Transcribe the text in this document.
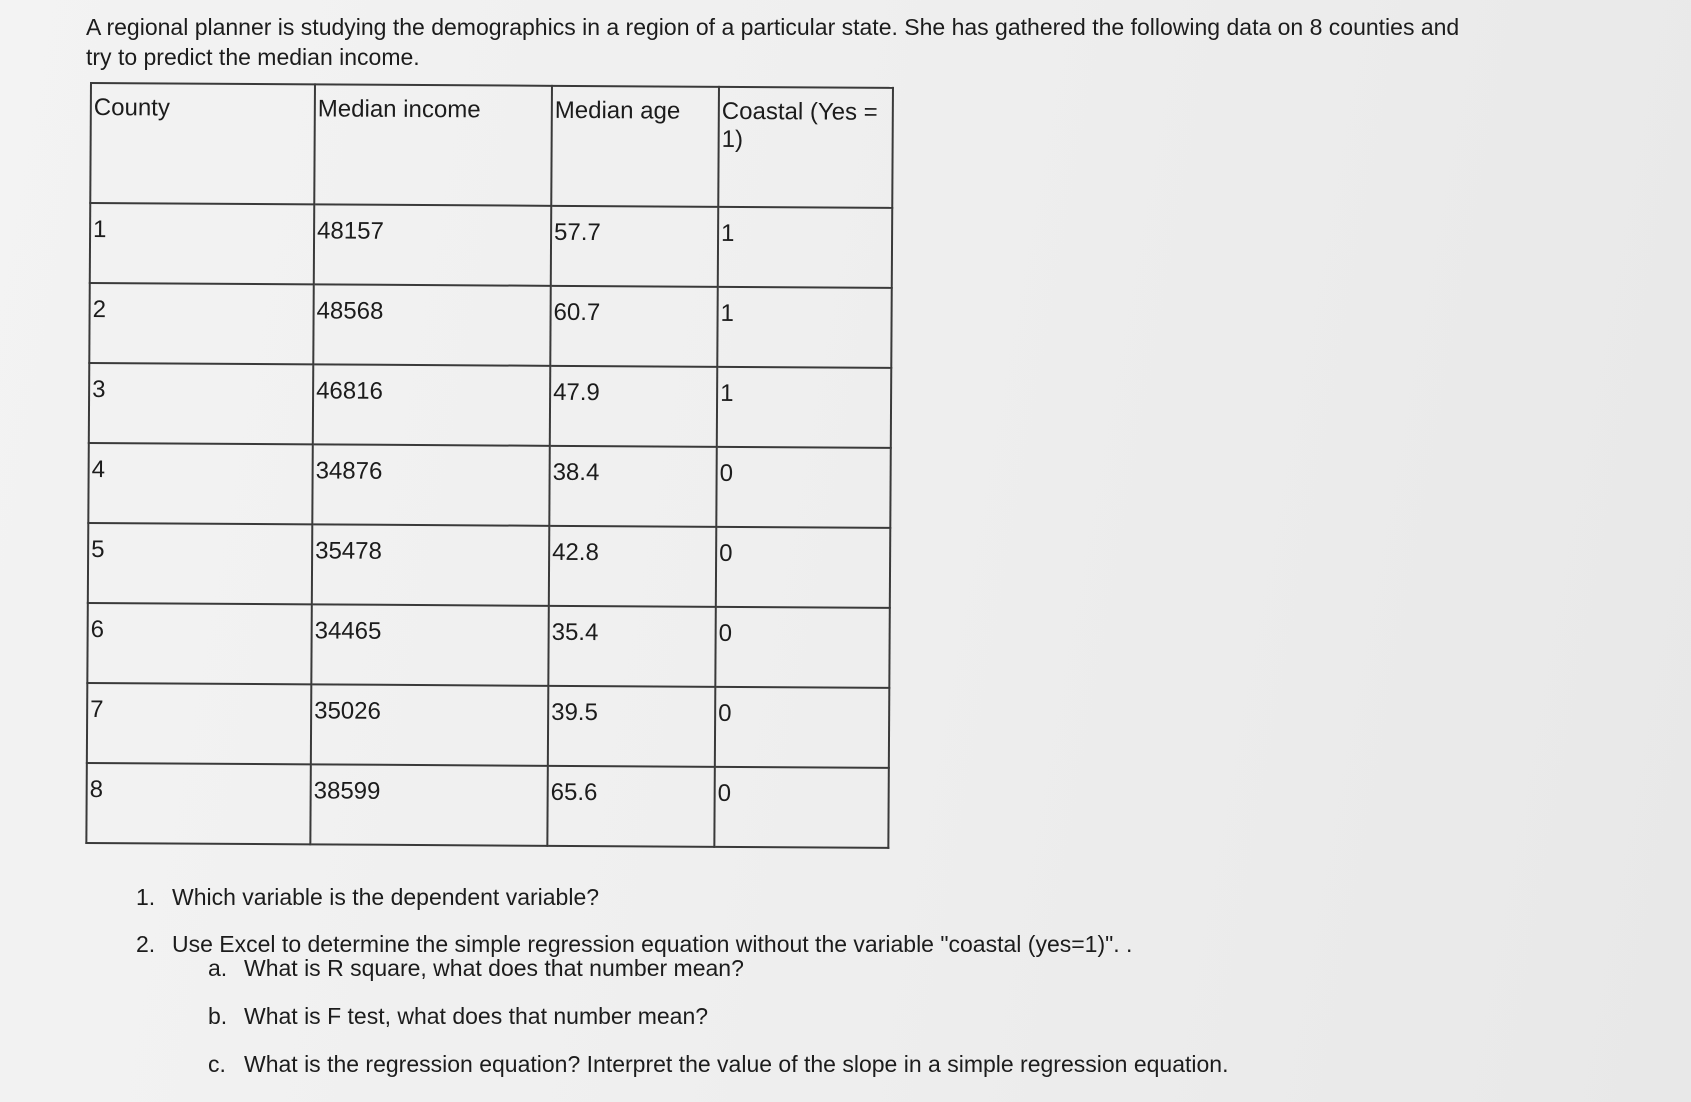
A regional planner is studying the demographics in a region of a particular state. She has gathered the following data on 8 counties and
try to predict the median income.

County	Median income	Median age	Coastal (Yes =
1)
1	48157	57.7	1
2	48568	60.7	1
3	46816	47.9	1
4	34876	38.4	0
5	35478	42.8	0
6	34465	35.4	0
7	35026	39.5	0
8	38599	65.6	0
1. Which variable is the dependent variable?
2. Use Excel to determine the simple regression equation without the variable "coastal (yes=1)". .
a. What is R square, what does that number mean?
b. What is F test, what does that number mean?
c. What is the regression equation? Interpret the value of the slope in a simple regression equation.
